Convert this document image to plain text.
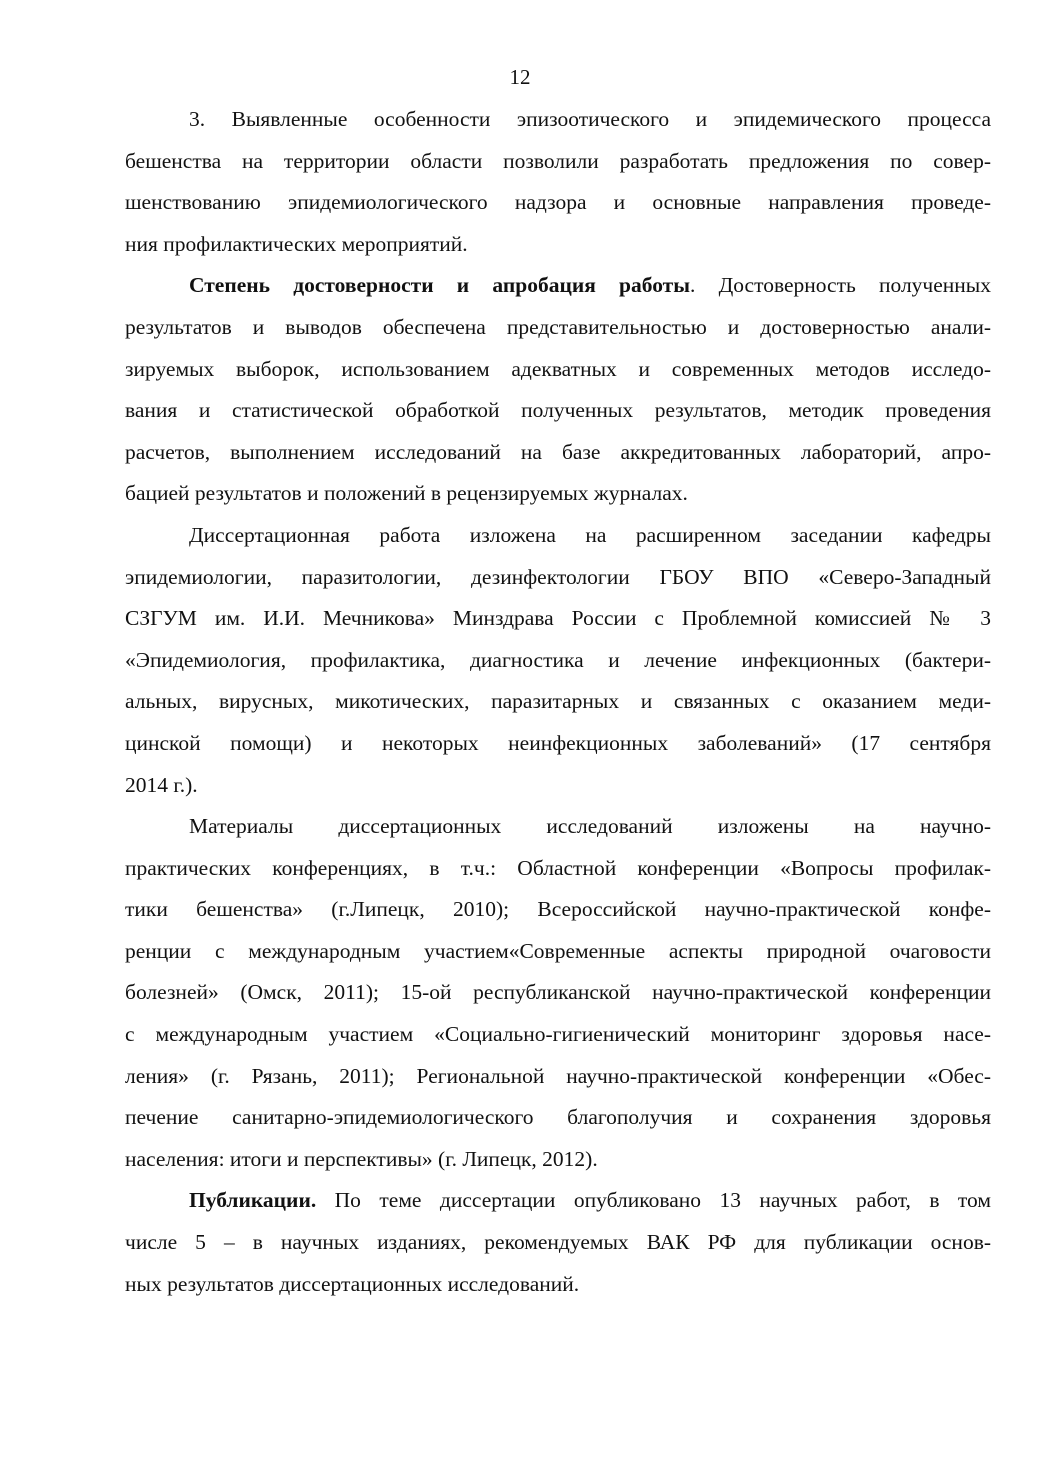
12
3. Выявленные особенности эпизоотического и эпидемического процесса
бешенства на территории области позволили разработать предложения по совер-
шенствованию эпидемиологического надзора и основные направления проведе-
ния профилактических мероприятий.
Степень достоверности и апробация работы. Достоверность полученных
результатов и выводов обеспечена представительностью и достоверностью анали-
зируемых выборок, использованием адекватных и современных методов исследо-
вания и статистической обработкой полученных результатов, методик проведения
расчетов, выполнением исследований на базе аккредитованных лабораторий, апро-
бацией результатов и положений в рецензируемых журналах.
Диссертационная работа изложена на расширенном заседании кафедры
эпидемиологии, паразитологии, дезинфектологии ГБОУ ВПО «Северо-Западный
СЗГУМ им. И.И. Мечникова» Минздрава России с Проблемной комиссией № 3
«Эпидемиология, профилактика, диагностика и лечение инфекционных (бактери-
альных, вирусных, микотических, паразитарных и связанных с оказанием меди-
цинской помощи) и некоторых неинфекционных заболеваний» (17 сентября
2014 г.).
Материалы диссертационных исследований изложены на научно-
практических конференциях, в т.ч.: Областной конференции «Вопросы профилак-
тики бешенства» (г.Липецк, 2010); Всероссийской научно-практической конфе-
ренции с международным участием«Современные аспекты природной очаговости
болезней» (Омск, 2011); 15-ой республиканской научно-практической конференции
с международным участием «Социально-гигиенический мониторинг здоровья насе-
ления» (г. Рязань, 2011); Региональной научно-практической конференции «Обес-
печение санитарно-эпидемиологического благополучия и сохранения здоровья
населения: итоги и перспективы» (г. Липецк, 2012).
Публикации. По теме диссертации опубликовано 13 научных работ, в том
числе 5 – в научных изданиях, рекомендуемых ВАК РФ для публикации основ-
ных результатов диссертационных исследований.
